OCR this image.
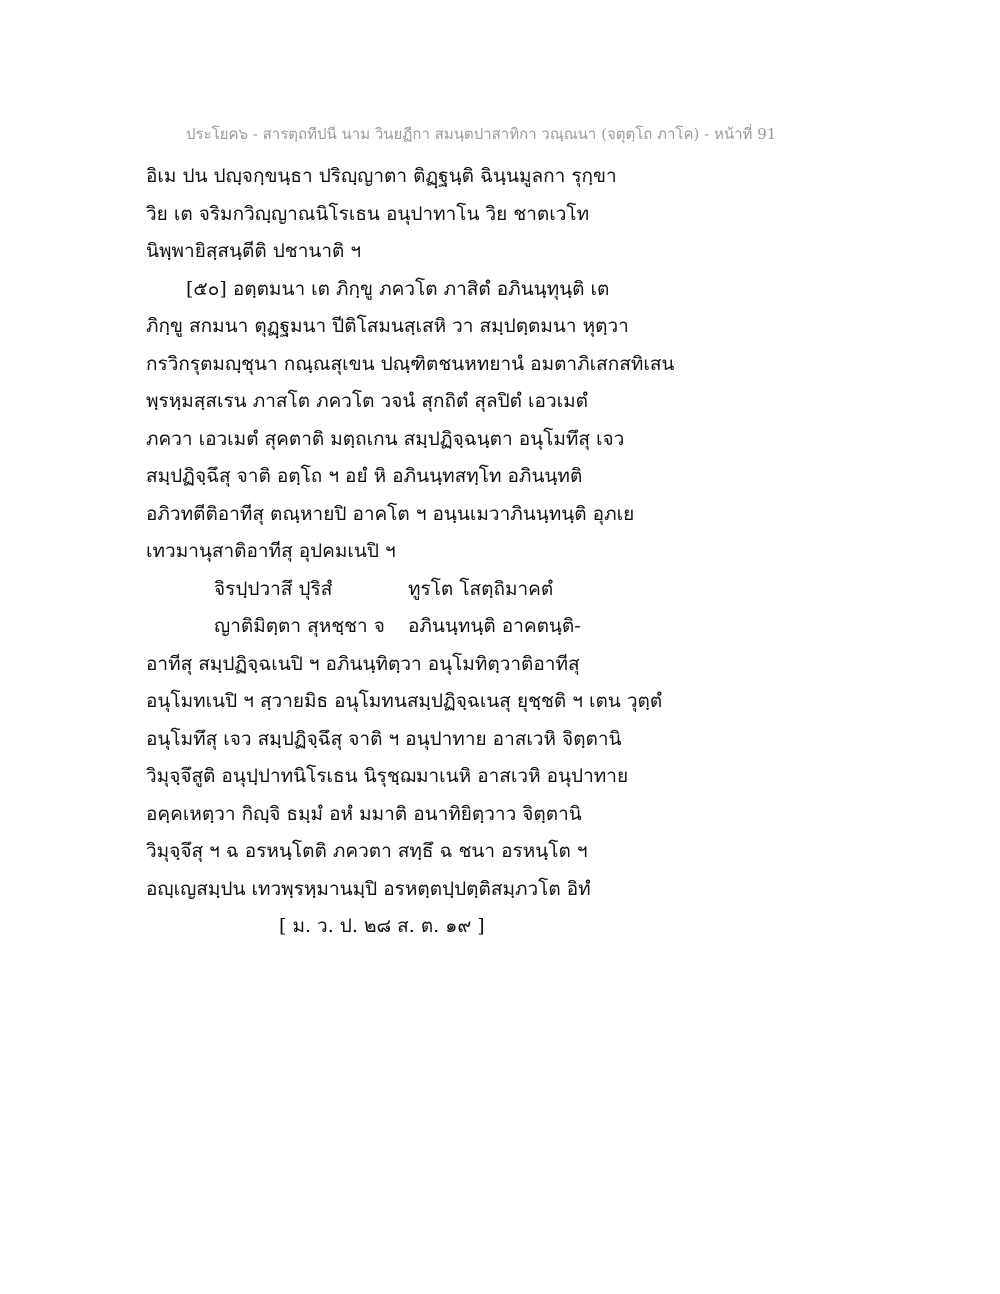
ประโยค๖ - สารตฺถทีปนี นาม วินยฏีกา สมนฺตปาสาทิกา วณฺณนา (จตุตฺโถ ภาโค) - หน้าที่ 91
อิเม ปน ปญฺจกฺขนฺธา ปริญฺญาตา ติฏฺฐนฺติ ฉินฺนมูลกา รุกฺขา
วิย เต จริมกวิญฺญาณนิโรเธน อนุปาทาโน วิย ชาตเวโท
นิพฺพายิสฺสนฺตีติ ปชานาติ ฯ
[๕๐] อตฺตมนา เต ภิกฺขู ภควโต ภาสิตํ อภินนฺทุนฺติ เต
ภิกฺขู สกมนา ตุฏฺฐมนา ปีติโสมนสฺเสหิ วา สมฺปตฺตมนา หุตฺวา
กรวิกรุตมญฺชุนา กณฺณสุเขน ปณฺฑิตชนหทยานํ อมตาภิเสกสทิเสน
พฺรหฺมสฺสเรน ภาสโต ภควโต วจนํ สุกถิตํ สุลปิตํ เอวเมตํ
ภควา เอวเมตํ สุคตาติ มตฺถเกน สมฺปฏิจฺฉนฺตา อนุโมทึสุ เจว
สมฺปฏิจฺฉึสุ จาติ อตฺโถ ฯ อยํ หิ อภินนฺทสทฺโท อภินนฺทติ
อภิวทตีติอาทีสุ ตณฺหายปิ อาคโต ฯ อนฺนเมวาภินนฺทนฺติ อุภเย
เทวมานุสาติอาทีสุ อุปคมเนปิ ฯ
จิรปฺปวาสึ ปุริสํ	ทูรโต โสตฺถิมาคตํ
ญาติมิตฺตา สุหชฺชา จ	อภินนฺทนฺติ อาคตนฺติ-
อาทีสุ สมฺปฏิจฺฉเนปิ ฯ อภินนฺทิตฺวา อนุโมทิตฺวาติอาทีสุ
อนุโมทเนปิ ฯ สฺวายมิธ อนุโมทนสมฺปฏิจฺฉเนสุ ยุชฺชติ ฯ เตน วุตฺตํ
อนุโมทึสุ เจว สมฺปฏิจฺฉึสุ จาติ ฯ อนุปาทาย อาสเวหิ จิตฺตานิ
วิมุจฺจึสูติ อนุปฺปาทนิโรเธน นิรุชฺฌมาเนหิ อาสเวหิ อนุปาทาย
อคฺคเหตฺวา กิญฺจิ ธมฺมํ อหํ มมาติ อนาทิยิตฺวาว จิตฺตานิ
วิมุจฺจึสุ ฯ ฉ อรหนฺโตติ ภควตา สทฺธึ ฉ ชนา อรหนฺโต ฯ
อญฺเญสมฺปน เทวพฺรหฺมานมฺปิ อรหตฺตปฺปตฺติสมฺภวโต อิทํ
[ ม. ว. ป. ๒๘ ส. ต. ๑๙ ]
